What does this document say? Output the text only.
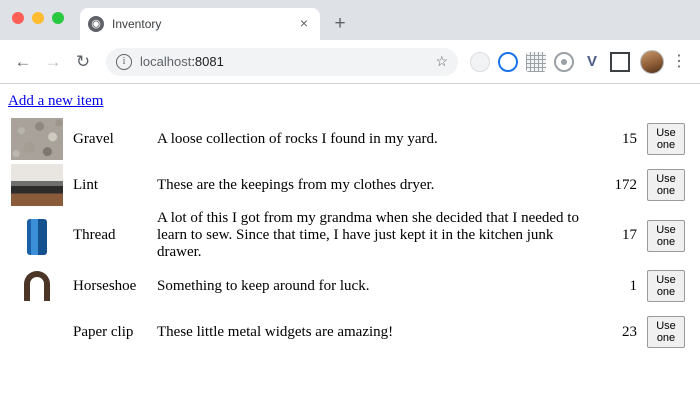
◉ Inventory	×	+
← → ↻	i	localhost:8081	☆	V	⋮
Add a new item
	Gravel	A loose collection of rocks I found in my yard.	15	Use one

	Lint	These are the keepings from my clothes dryer.	172	Use one

	Thread	A lot of this I got from my grandma when she decided that I needed to learn to sew. Since that time, I have just kept it in the kitchen junk drawer.	17	Use one

	Horseshoe	Something to keep around for luck.	1	Use one

	Paper clip	These little metal widgets are amazing!	23	Use one
